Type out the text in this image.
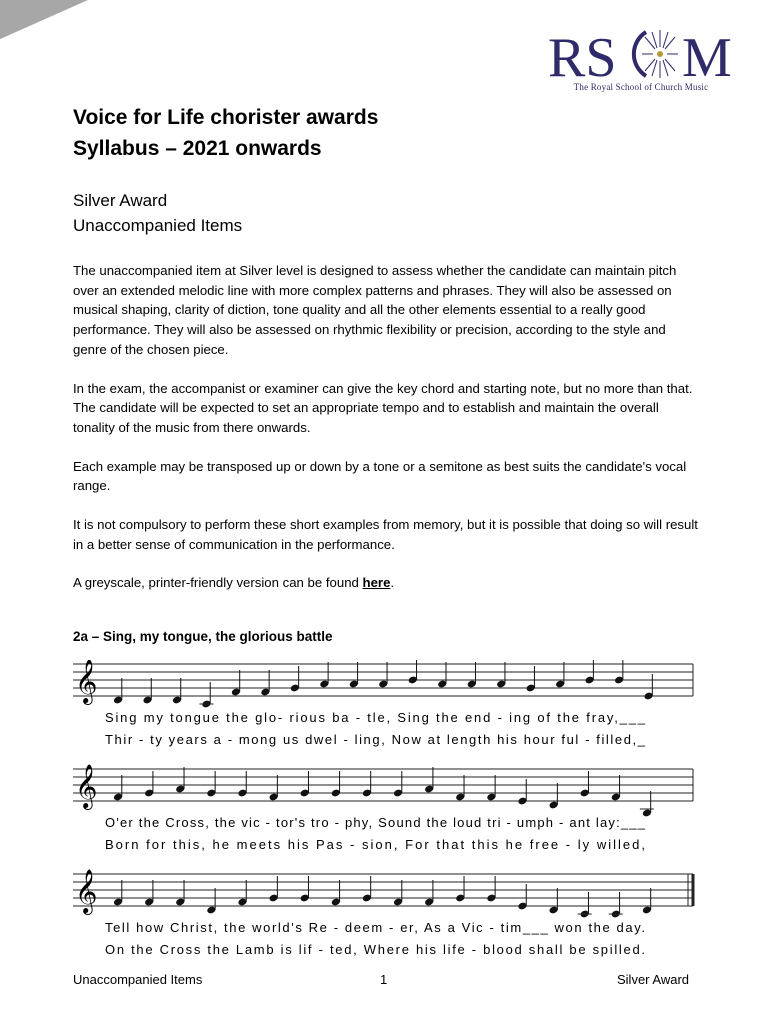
Silver	RS M
The Royal School of Church Music
Voice for Life chorister awards
Syllabus – 2021 onwards
Silver Award
Unaccompanied Items

The unaccompanied item at Silver level is designed to assess whether the candidate can maintain pitch over an extended melodic line with more complex patterns and phrases. They will also be assessed on musical shaping, clarity of diction, tone quality and all the other elements essential to a really good performance. They will also be assessed on rhythmic flexibility or precision, according to the style and genre of the chosen piece.

In the exam, the accompanist or examiner can give the key chord and starting note, but no more than that. The candidate will be expected to set an appropriate tempo and to establish and maintain the overall tonality of the music from there onwards.

Each example may be transposed up or down by a tone or a semitone as best suits the candidate's vocal range.

It is not compulsory to perform these short examples from memory, but it is possible that doing so will result in a better sense of communication in the performance.

A greyscale, printer-friendly version can be found here.

2a – Sing, my tongue, the glorious battle
𝄞
Sing my tongue the glo- rious ba - tle, Sing the end - ing of the fray,___
Thir - ty years a - mong us dwel - ling, Now at length his hour ful - filled,_
𝄞
O'er the Cross, the vic - tor's tro - phy, Sound the loud tri - umph - ant lay:___
Born for this, he meets his Pas - sion, For that this he free - ly willed,
𝄞
Tell how Christ, the world's Re - deem - er, As a Vic - tim___ won the day.
On the Cross the Lamb is lif - ted, Where his life - blood shall be spilled.
Unaccompanied Items	1	Silver Award
